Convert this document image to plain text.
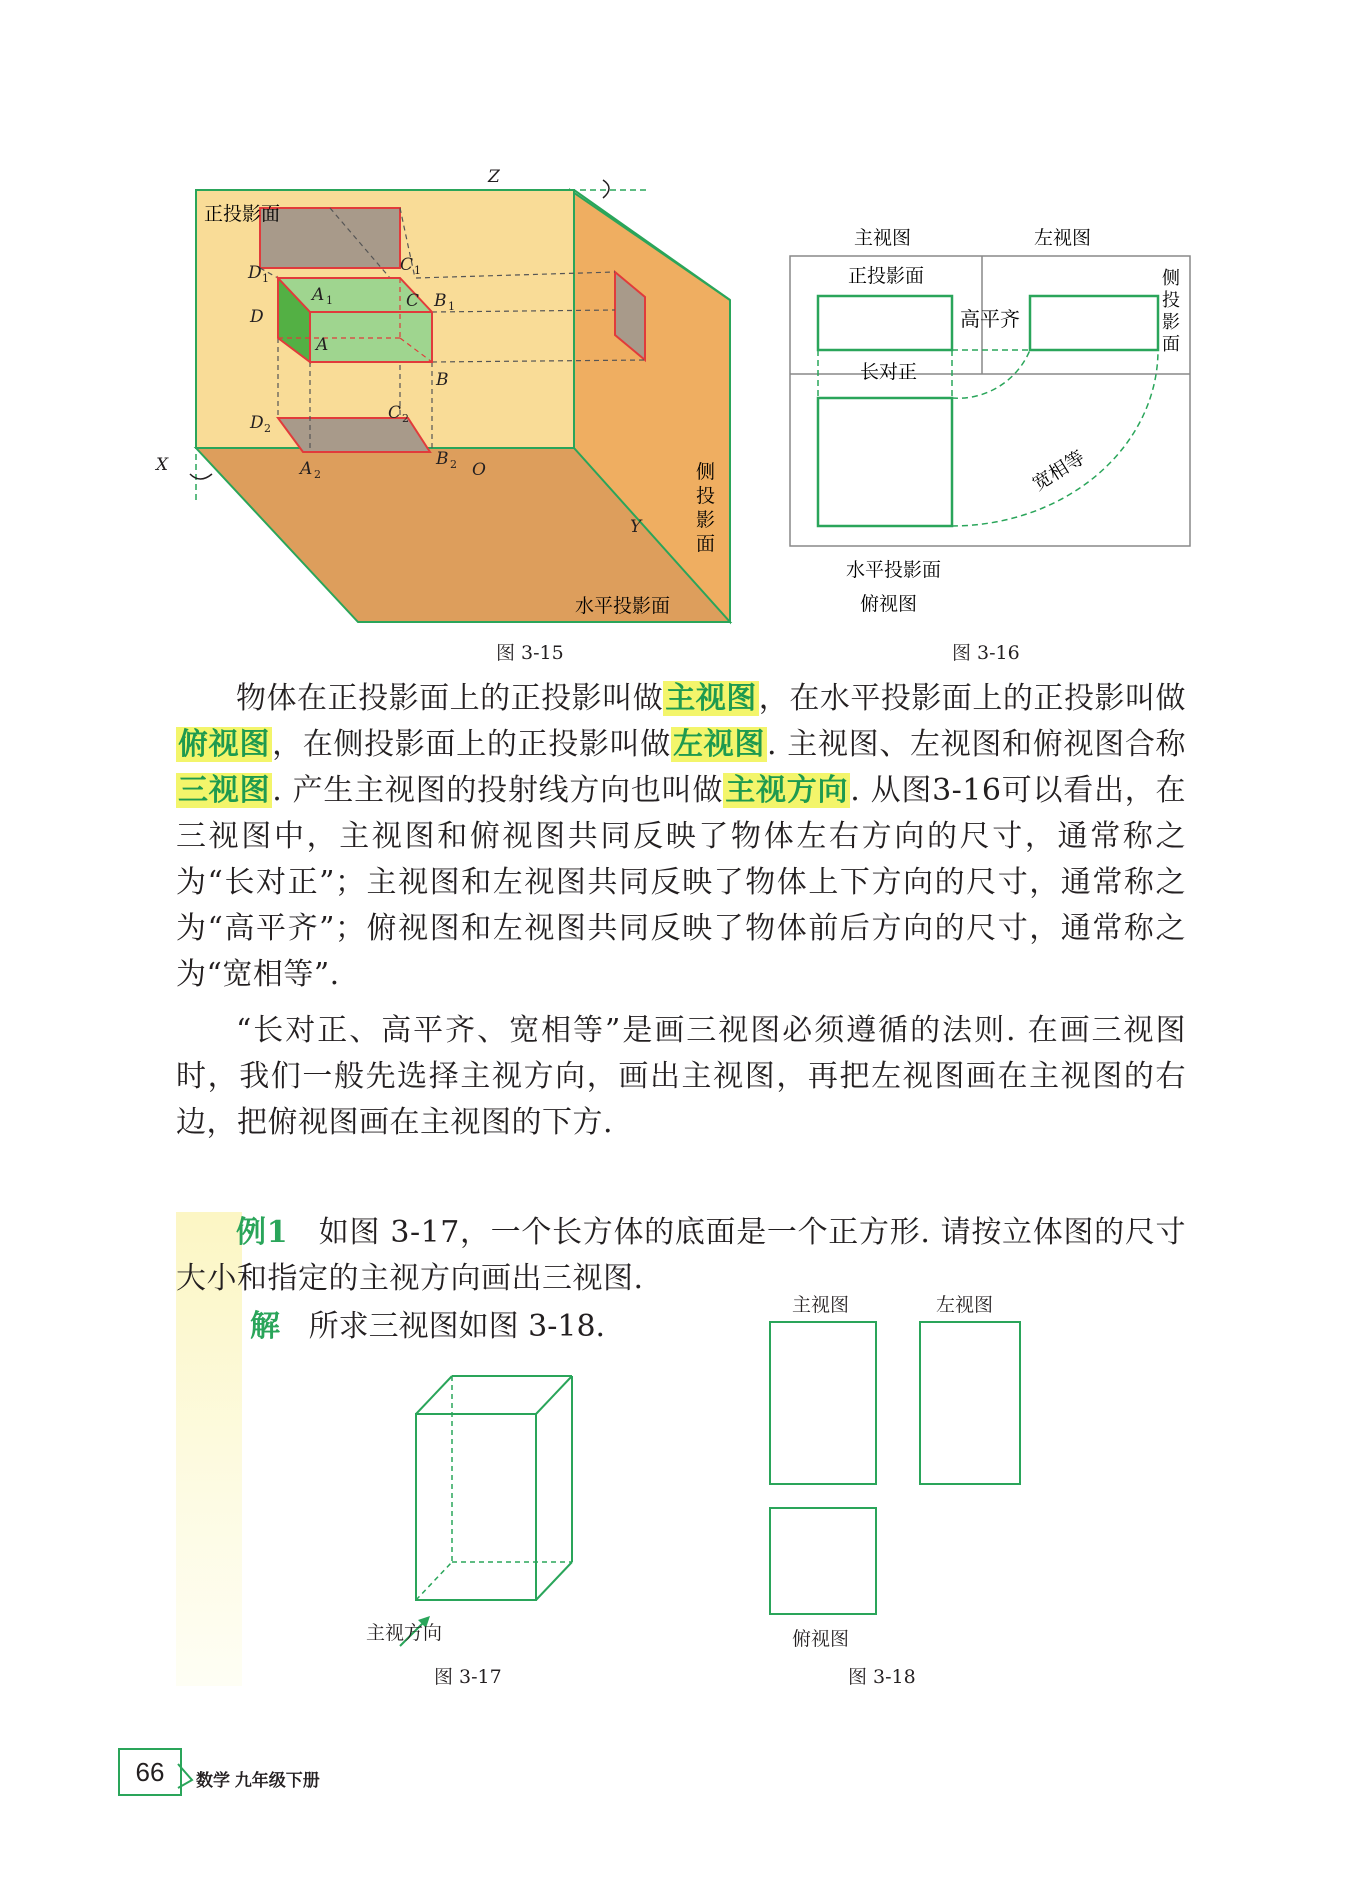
正投影面
Z
X
Y
O
D
A
B
C
D
A	B
C
D
A	B
C
1
1	1
1
2
2
2
2
侧
投
影
面
水平投影面
图 3-15
主视图	左视图
正投影面
高平齐
长对正
宽相等
侧
投
影
面
水平投影面
俯视图
图 3-16

物体在正投影面上的正投影叫做主视图，在水平投影面上的正投影叫做俯视图，在侧投影面上的正投影叫做左视图. 主视图、左视图和俯视图合称三视图. 产生主视图的投射线方向也叫做主视方向. 从图3-16可以看出，在三视图中，主视图和俯视图共同反映了物体左右方向的尺寸，通常称之为“长对正”；主视图和左视图共同反映了物体上下方向的尺寸，通常称之为“高平齐”；俯视图和左视图共同反映了物体前后方向的尺寸，通常称之为“宽相等”.

“长对正、高平齐、宽相等”是画三视图必须遵循的法则. 在画三视图时，我们一般先选择主视方向，画出主视图，再把左视图画在主视图的右边，把俯视图画在主视图的下方.

例1 如图 3-17，一个长方体的底面是一个正方形. 请按立体图的尺寸大小和指定的主视方向画出三视图.

解 所求三视图如图 3-18.
主视方向
图 3-17
主视图	左视图
俯视图
图 3-18
66	数学 九年级下册
